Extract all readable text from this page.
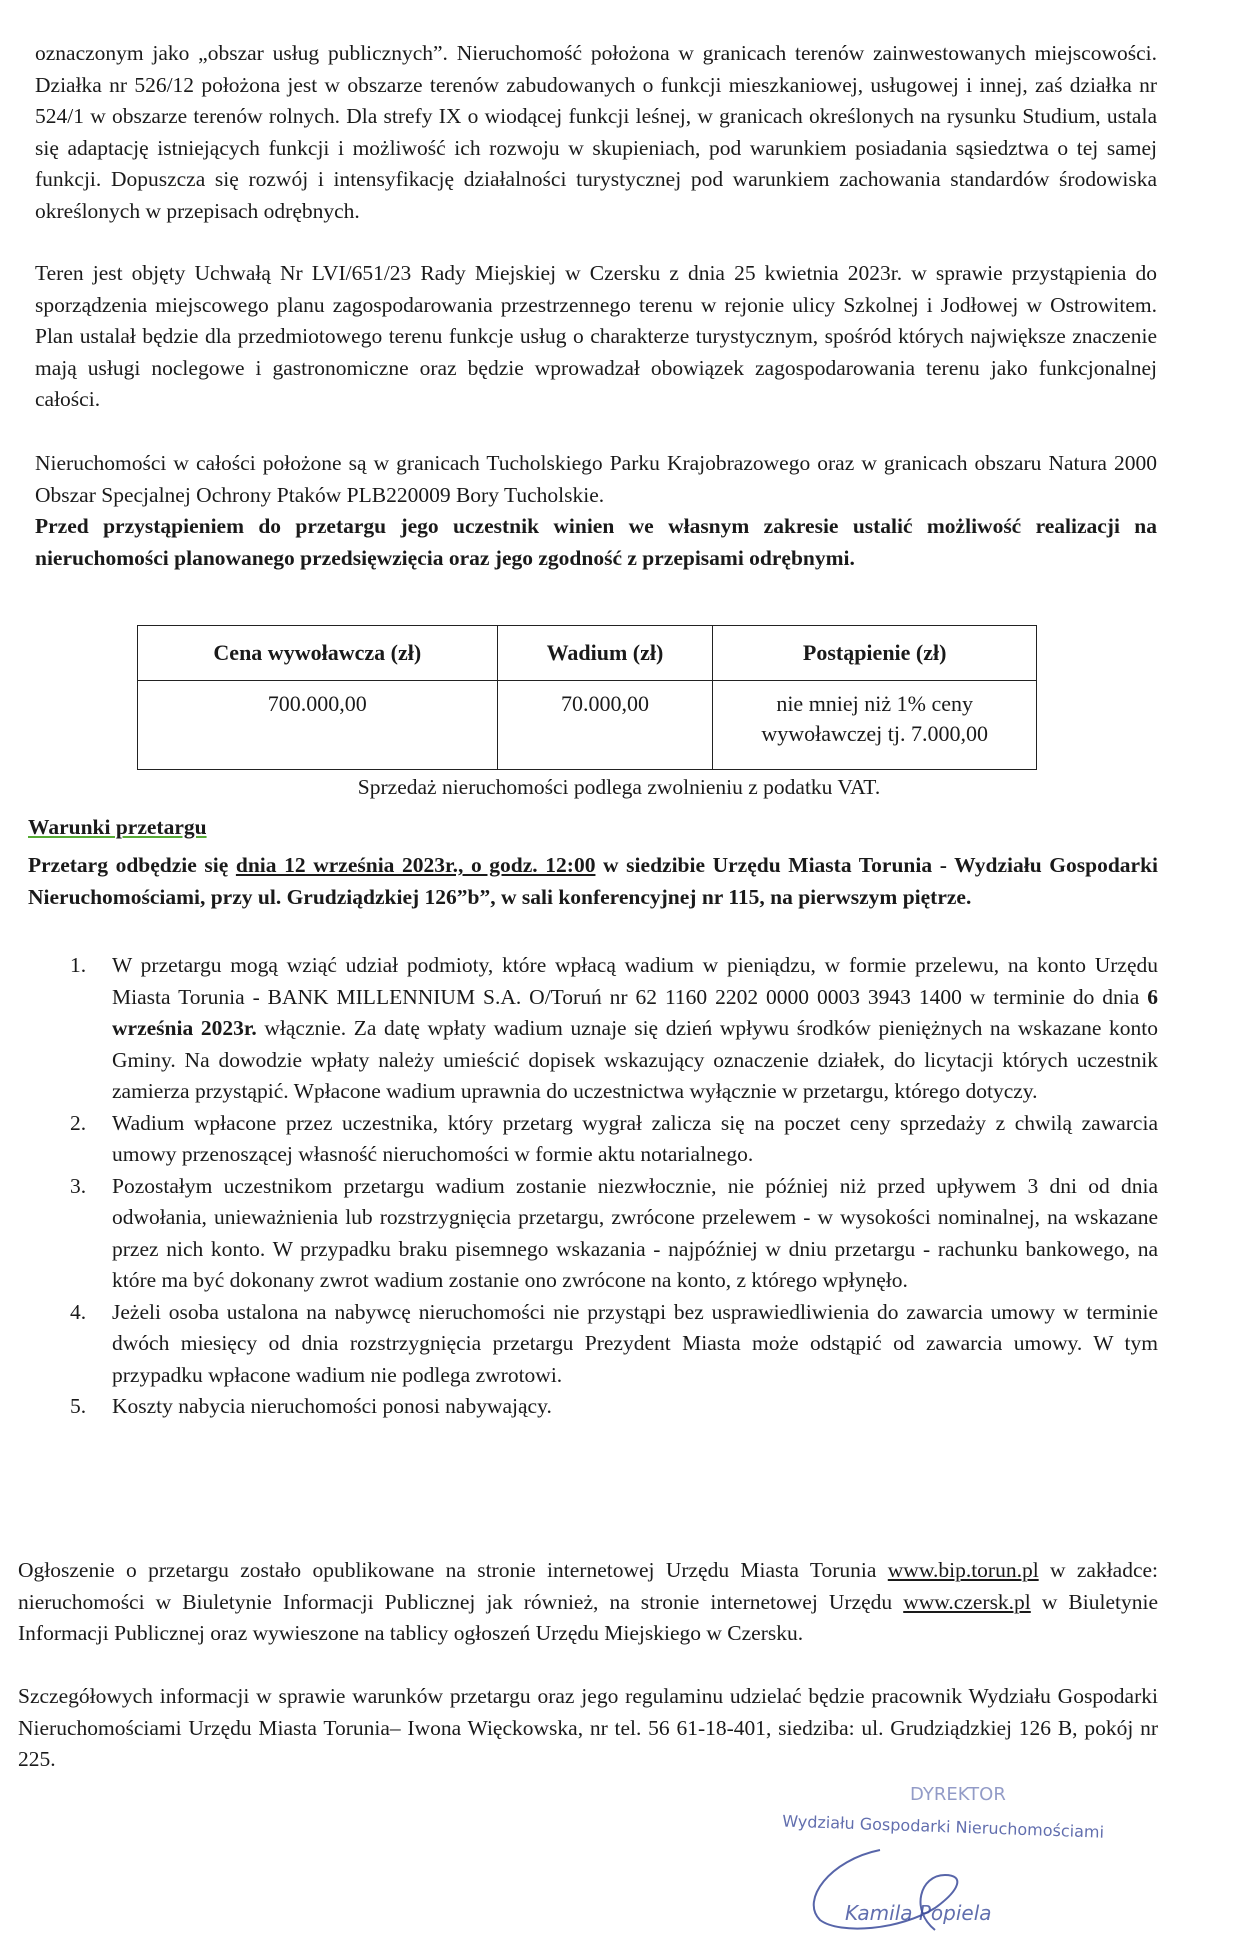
oznaczonym jako „obszar usług publicznych”. Nieruchomość położona w granicach terenów zainwestowanych miejscowości. Działka nr 526/12 położona jest w obszarze terenów zabudowanych o funkcji mieszkaniowej, usługowej i innej, zaś działka nr 524/1 w obszarze terenów rolnych. Dla strefy IX o wiodącej funkcji leśnej, w granicach określonych na rysunku Studium, ustala się adaptację istniejących funkcji i możliwość ich rozwoju w skupieniach, pod warunkiem posiadania sąsiedztwa o tej samej funkcji. Dopuszcza się rozwój i intensyfikację działalności turystycznej pod warunkiem zachowania standardów środowiska określonych w przepisach odrębnych.

Teren jest objęty Uchwałą Nr LVI/651/23 Rady Miejskiej w Czersku z dnia 25 kwietnia 2023r. w sprawie przystąpienia do sporządzenia miejscowego planu zagospodarowania przestrzennego terenu w rejonie ulicy Szkolnej i Jodłowej w Ostrowitem. Plan ustalał będzie dla przedmiotowego terenu funkcje usług o charakterze turystycznym, spośród których największe znaczenie mają usługi noclegowe i gastronomiczne oraz będzie wprowadzał obowiązek zagospodarowania terenu jako funkcjonalnej całości.

Nieruchomości w całości położone są w granicach Tucholskiego Parku Krajobrazowego oraz w granicach obszaru Natura 2000 Obszar Specjalnej Ochrony Ptaków PLB220009 Bory Tucholskie.

Przed przystąpieniem do przetargu jego uczestnik winien we własnym zakresie ustalić możliwość realizacji na nieruchomości planowanego przedsięwzięcia oraz jego zgodność z przepisami odrębnymi.

Cena wywoławcza (zł)	Wadium (zł)	Postąpienie (zł)
700.000,00	70.000,00	nie mniej niż 1% ceny wywoławczej tj. 7.000,00
Sprzedaż nieruchomości podlega zwolnieniu z podatku VAT.
Warunki przetargu

Przetarg odbędzie się dnia 12 września 2023r., o godz. 12:00 w siedzibie Urzędu Miasta Torunia - Wydziału Gospodarki Nieruchomościami, przy ul. Grudziądzkiej 126”b”, w sali konferencyjnej nr 115, na pierwszym piętrze.

1. W przetargu mogą wziąć udział podmioty, które wpłacą wadium w pieniądzu, w formie przelewu, na konto Urzędu Miasta Torunia - BANK MILLENNIUM S.A. O/Toruń nr 62 1160 2202 0000 0003 3943 1400 w terminie do dnia 6 września 2023r. włącznie. Za datę wpłaty wadium uznaje się dzień wpływu środków pieniężnych na wskazane konto Gminy. Na dowodzie wpłaty należy umieścić dopisek wskazujący oznaczenie działek, do licytacji których uczestnik zamierza przystąpić. Wpłacone wadium uprawnia do uczestnictwa wyłącznie w przetargu, którego dotyczy.
2. Wadium wpłacone przez uczestnika, który przetarg wygrał zalicza się na poczet ceny sprzedaży z chwilą zawarcia umowy przenoszącej własność nieruchomości w formie aktu notarialnego.
3. Pozostałym uczestnikom przetargu wadium zostanie niezwłocznie, nie później niż przed upływem 3 dni od dnia odwołania, unieważnienia lub rozstrzygnięcia przetargu, zwrócone przelewem - w wysokości nominalnej, na wskazane przez nich konto. W przypadku braku pisemnego wskazania - najpóźniej w dniu przetargu - rachunku bankowego, na które ma być dokonany zwrot wadium zostanie ono zwrócone na konto, z którego wpłynęło.
4. Jeżeli osoba ustalona na nabywcę nieruchomości nie przystąpi bez usprawiedliwienia do zawarcia umowy w terminie dwóch miesięcy od dnia rozstrzygnięcia przetargu Prezydent Miasta może odstąpić od zawarcia umowy. W tym przypadku wpłacone wadium nie podlega zwrotowi.
5. Koszty nabycia nieruchomości ponosi nabywający.

Ogłoszenie o przetargu zostało opublikowane na stronie internetowej Urzędu Miasta Torunia www.bip.torun.pl w zakładce: nieruchomości w Biuletynie Informacji Publicznej jak również, na stronie internetowej Urzędu www.czersk.pl w Biuletynie Informacji Publicznej oraz wywieszone na tablicy ogłoszeń Urzędu Miejskiego w Czersku.

Szczegółowych informacji w sprawie warunków przetargu oraz jego regulaminu udzielać będzie pracownik Wydziału Gospodarki Nieruchomościami Urzędu Miasta Torunia– Iwona Więckowska, nr tel. 56 61-18-401, siedziba: ul. Grudziądzkiej 126 B, pokój nr 225.

DYREKTOR
Wydziału Gospodarki Nieruchomościami
Kamila Popiela
